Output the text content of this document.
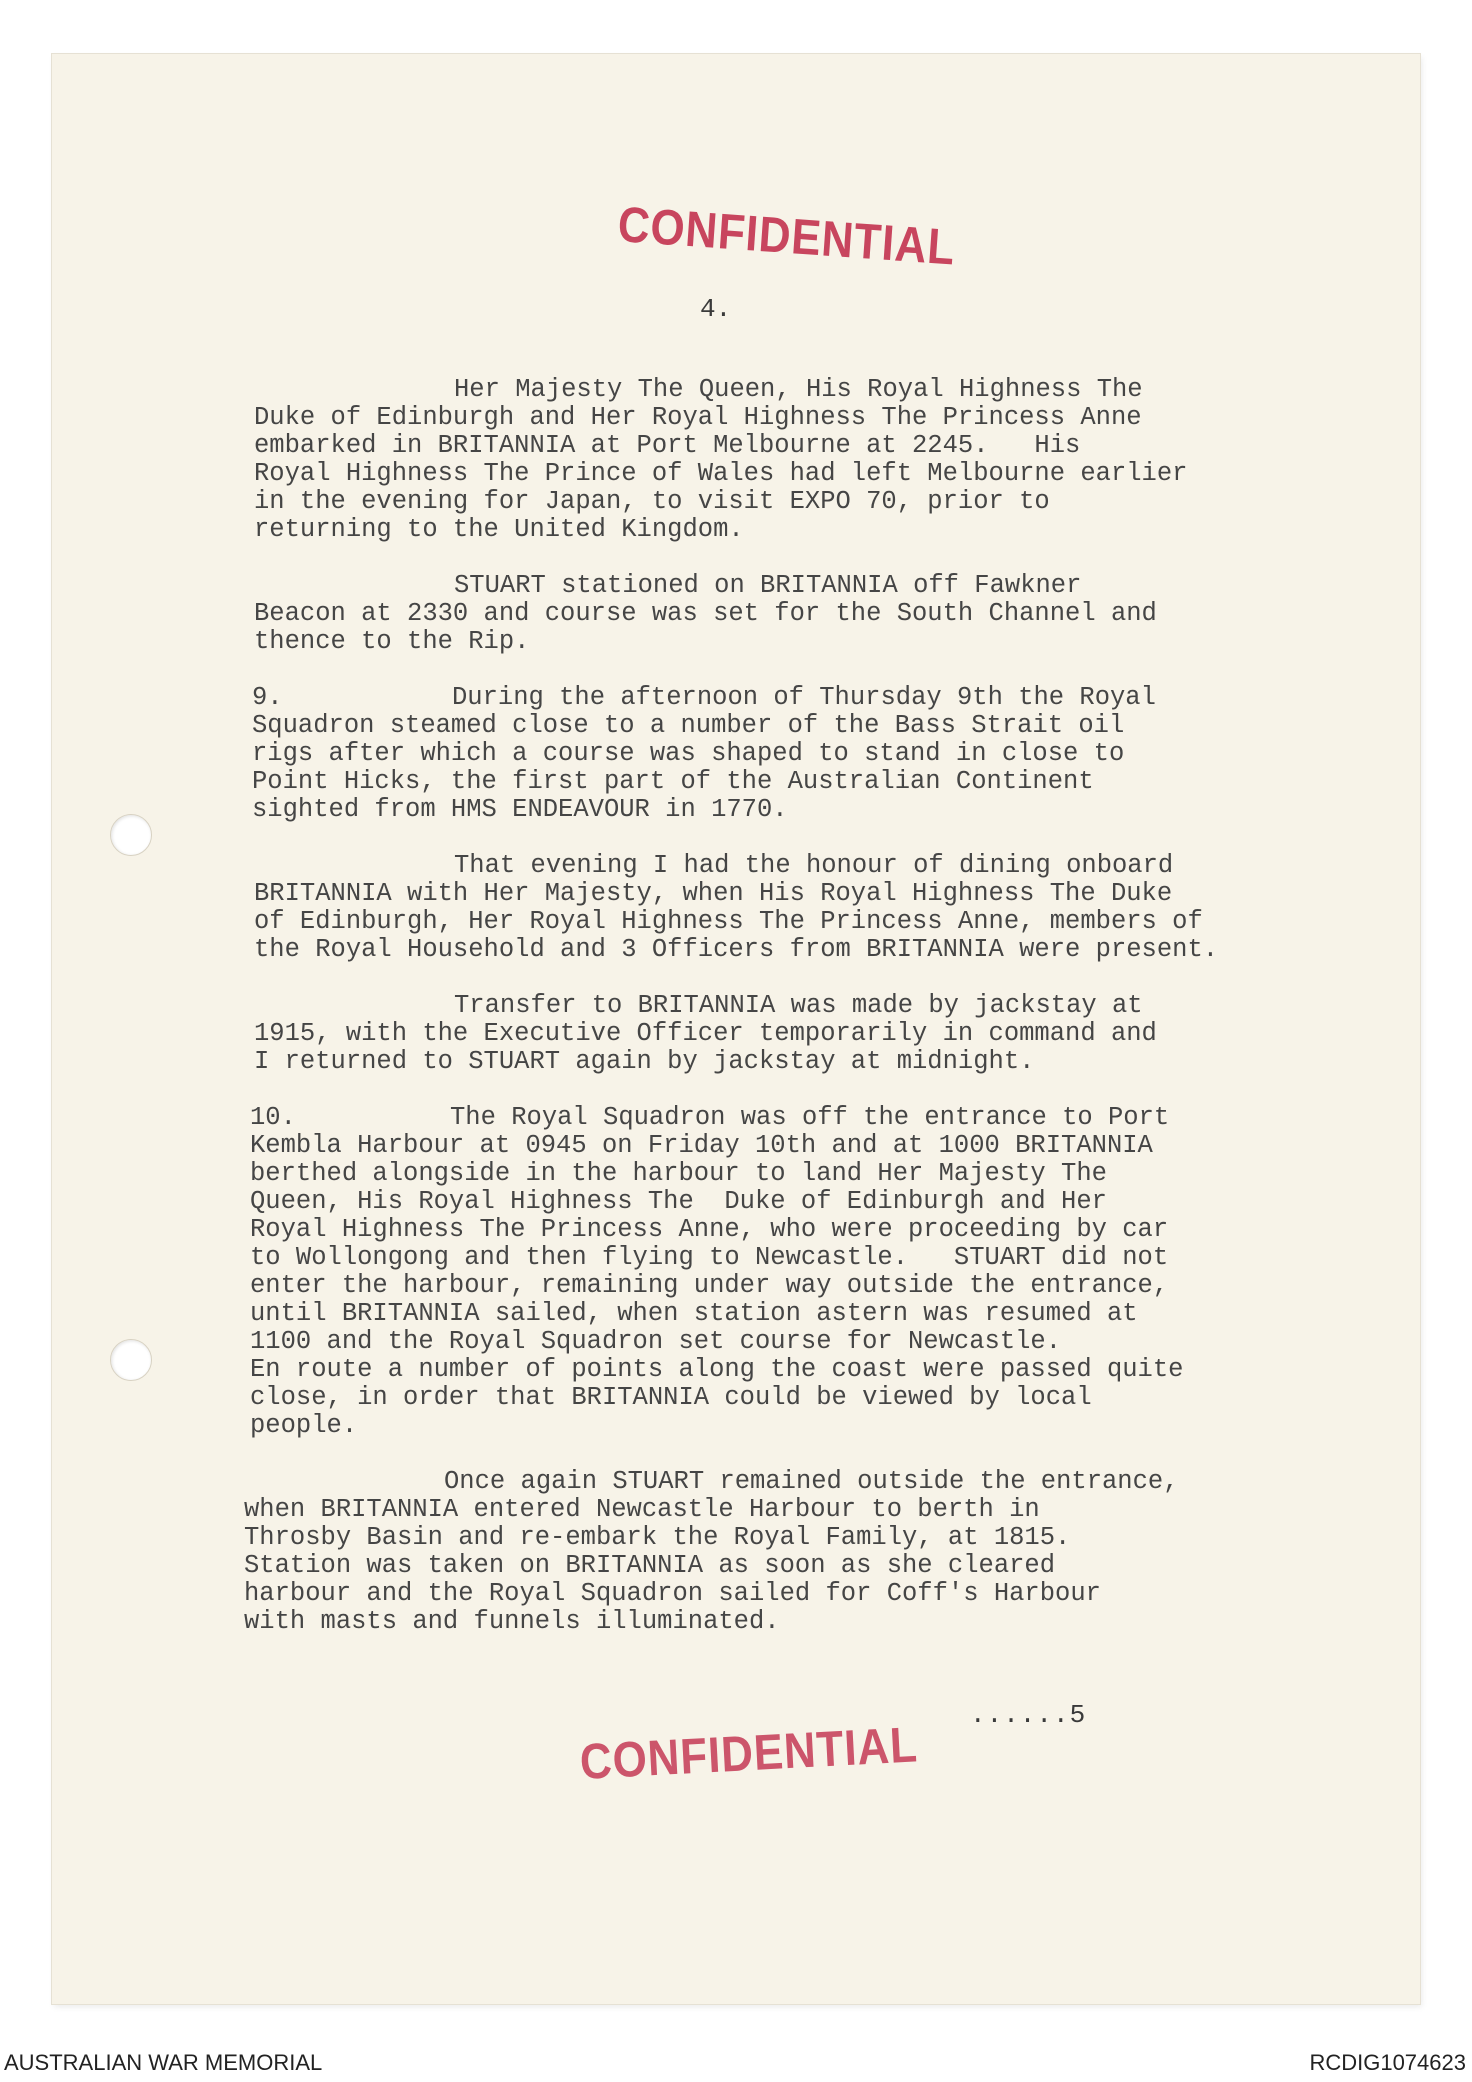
CONFIDENTIAL
4.

Her Majesty The Queen, His Royal Highness The
Duke of Edinburgh and Her Royal Highness The Princess Anne
embarked in BRITANNIA at Port Melbourne at 2245.   His
Royal Highness The Prince of Wales had left Melbourne earlier
in the evening for Japan, to visit EXPO 70, prior to
returning to the United Kingdom.

STUART stationed on BRITANNIA off Fawkner
Beacon at 2330 and course was set for the South Channel and
thence to the Rip.

9.	During the afternoon of Thursday 9th the Royal
Squadron steamed close to a number of the Bass Strait oil
rigs after which a course was shaped to stand in close to
Point Hicks, the first part of the Australian Continent
sighted from HMS ENDEAVOUR in 1770.

That evening I had the honour of dining onboard
BRITANNIA with Her Majesty, when His Royal Highness The Duke
of Edinburgh, Her Royal Highness The Princess Anne, members of
the Royal Household and 3 Officers from BRITANNIA were present.

Transfer to BRITANNIA was made by jackstay at
1915, with the Executive Officer temporarily in command and
I returned to STUART again by jackstay at midnight.

10.	The Royal Squadron was off the entrance to Port
Kembla Harbour at 0945 on Friday 10th and at 1000 BRITANNIA
berthed alongside in the harbour to land Her Majesty The
Queen, His Royal Highness The  Duke of Edinburgh and Her
Royal Highness The Princess Anne, who were proceeding by car
to Wollongong and then flying to Newcastle.   STUART did not
enter the harbour, remaining under way outside the entrance,
until BRITANNIA sailed, when station astern was resumed at
1100 and the Royal Squadron set course for Newcastle.
En route a number of points along the coast were passed quite
close, in order that BRITANNIA could be viewed by local
people.

Once again STUART remained outside the entrance,
when BRITANNIA entered Newcastle Harbour to berth in
Throsby Basin and re-embark the Royal Family, at 1815.
Station was taken on BRITANNIA as soon as she cleared
harbour and the Royal Squadron sailed for Coff's Harbour
with masts and funnels illuminated.

......5
CONFIDENTIAL
AUSTRALIAN WAR MEMORIAL	RCDIG1074623
